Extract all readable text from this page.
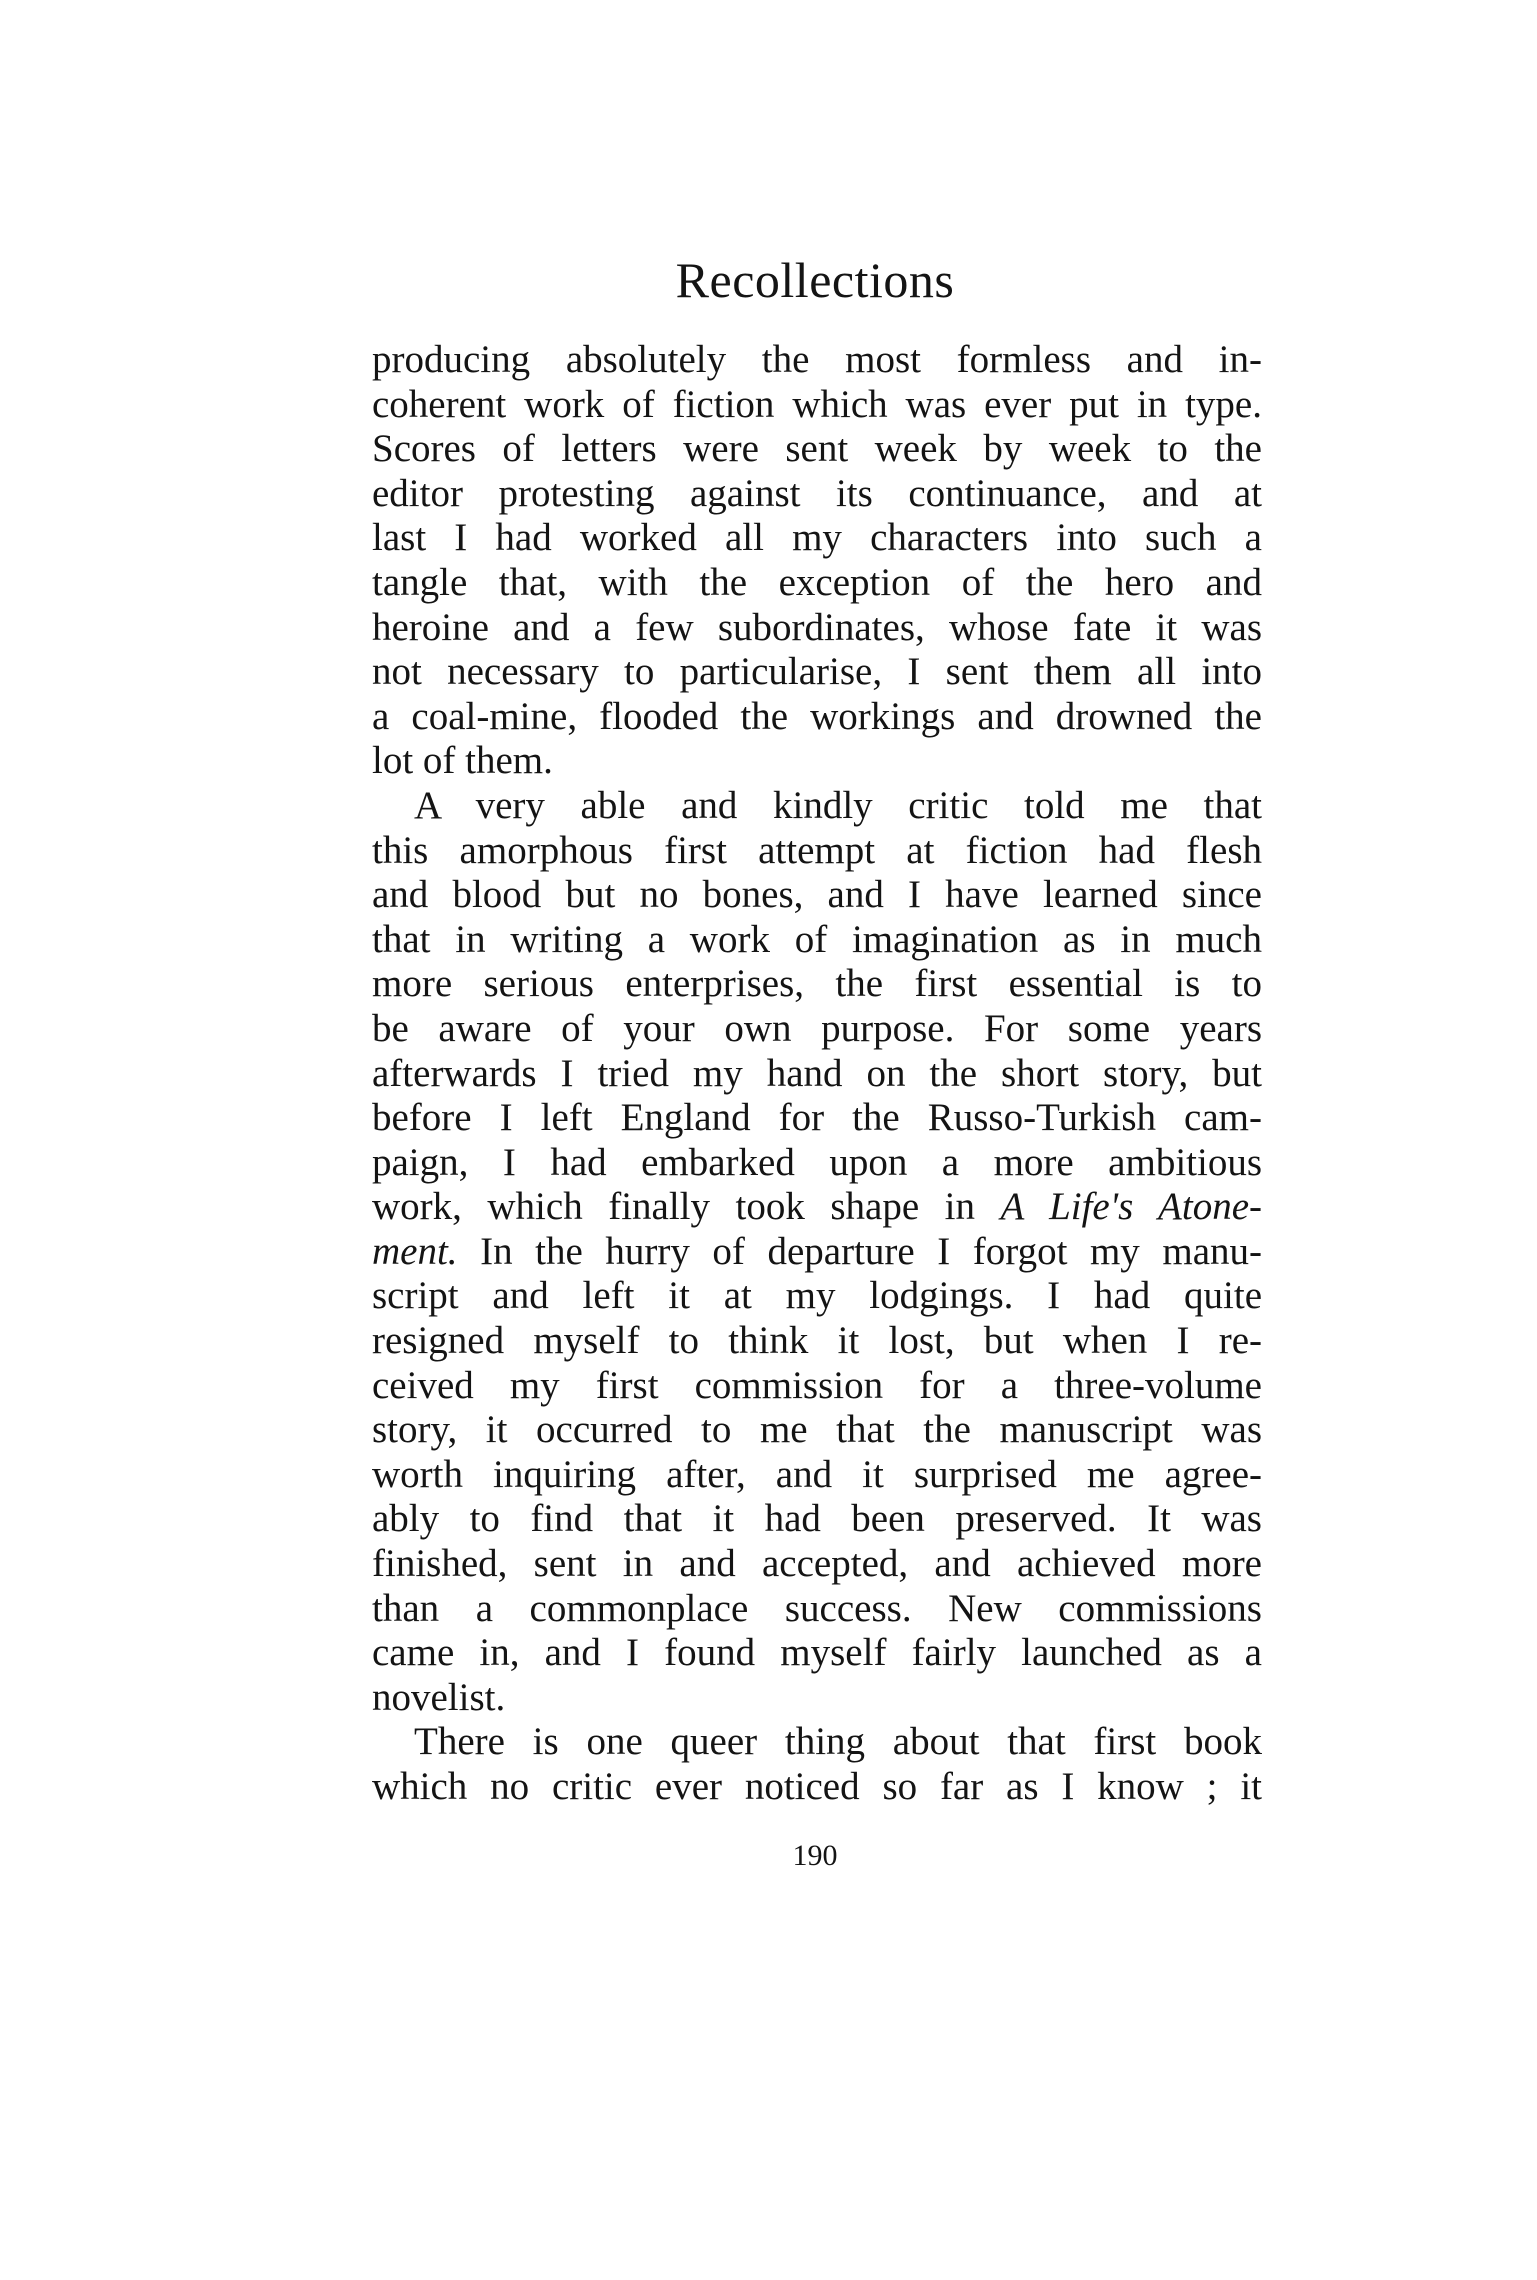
Recollections
producing absolutely the most formless and in-
coherent work of fiction which was ever put in type.
Scores of letters were sent week by week to the
editor protesting against its continuance, and at
last I had worked all my characters into such a
tangle that, with the exception of the hero and
heroine and a few subordinates, whose fate it was
not necessary to particularise, I sent them all into
a coal-mine, flooded the workings and drowned the
lot of them.
A very able and kindly critic told me that
this amorphous first attempt at fiction had flesh
and blood but no bones, and I have learned since
that in writing a work of imagination as in much
more serious enterprises, the first essential is to
be aware of your own purpose. For some years
afterwards I tried my hand on the short story, but
before I left England for the Russo-Turkish cam-
paign, I had embarked upon a more ambitious
work, which finally took shape in A Life's Atone-
ment. In the hurry of departure I forgot my manu-
script and left it at my lodgings. I had quite
resigned myself to think it lost, but when I re-
ceived my first commission for a three-volume
story, it occurred to me that the manuscript was
worth inquiring after, and it surprised me agree-
ably to find that it had been preserved. It was
finished, sent in and accepted, and achieved more
than a commonplace success. New commissions
came in, and I found myself fairly launched as a
novelist.
There is one queer thing about that first book
which no critic ever noticed so far as I know ; it
190
